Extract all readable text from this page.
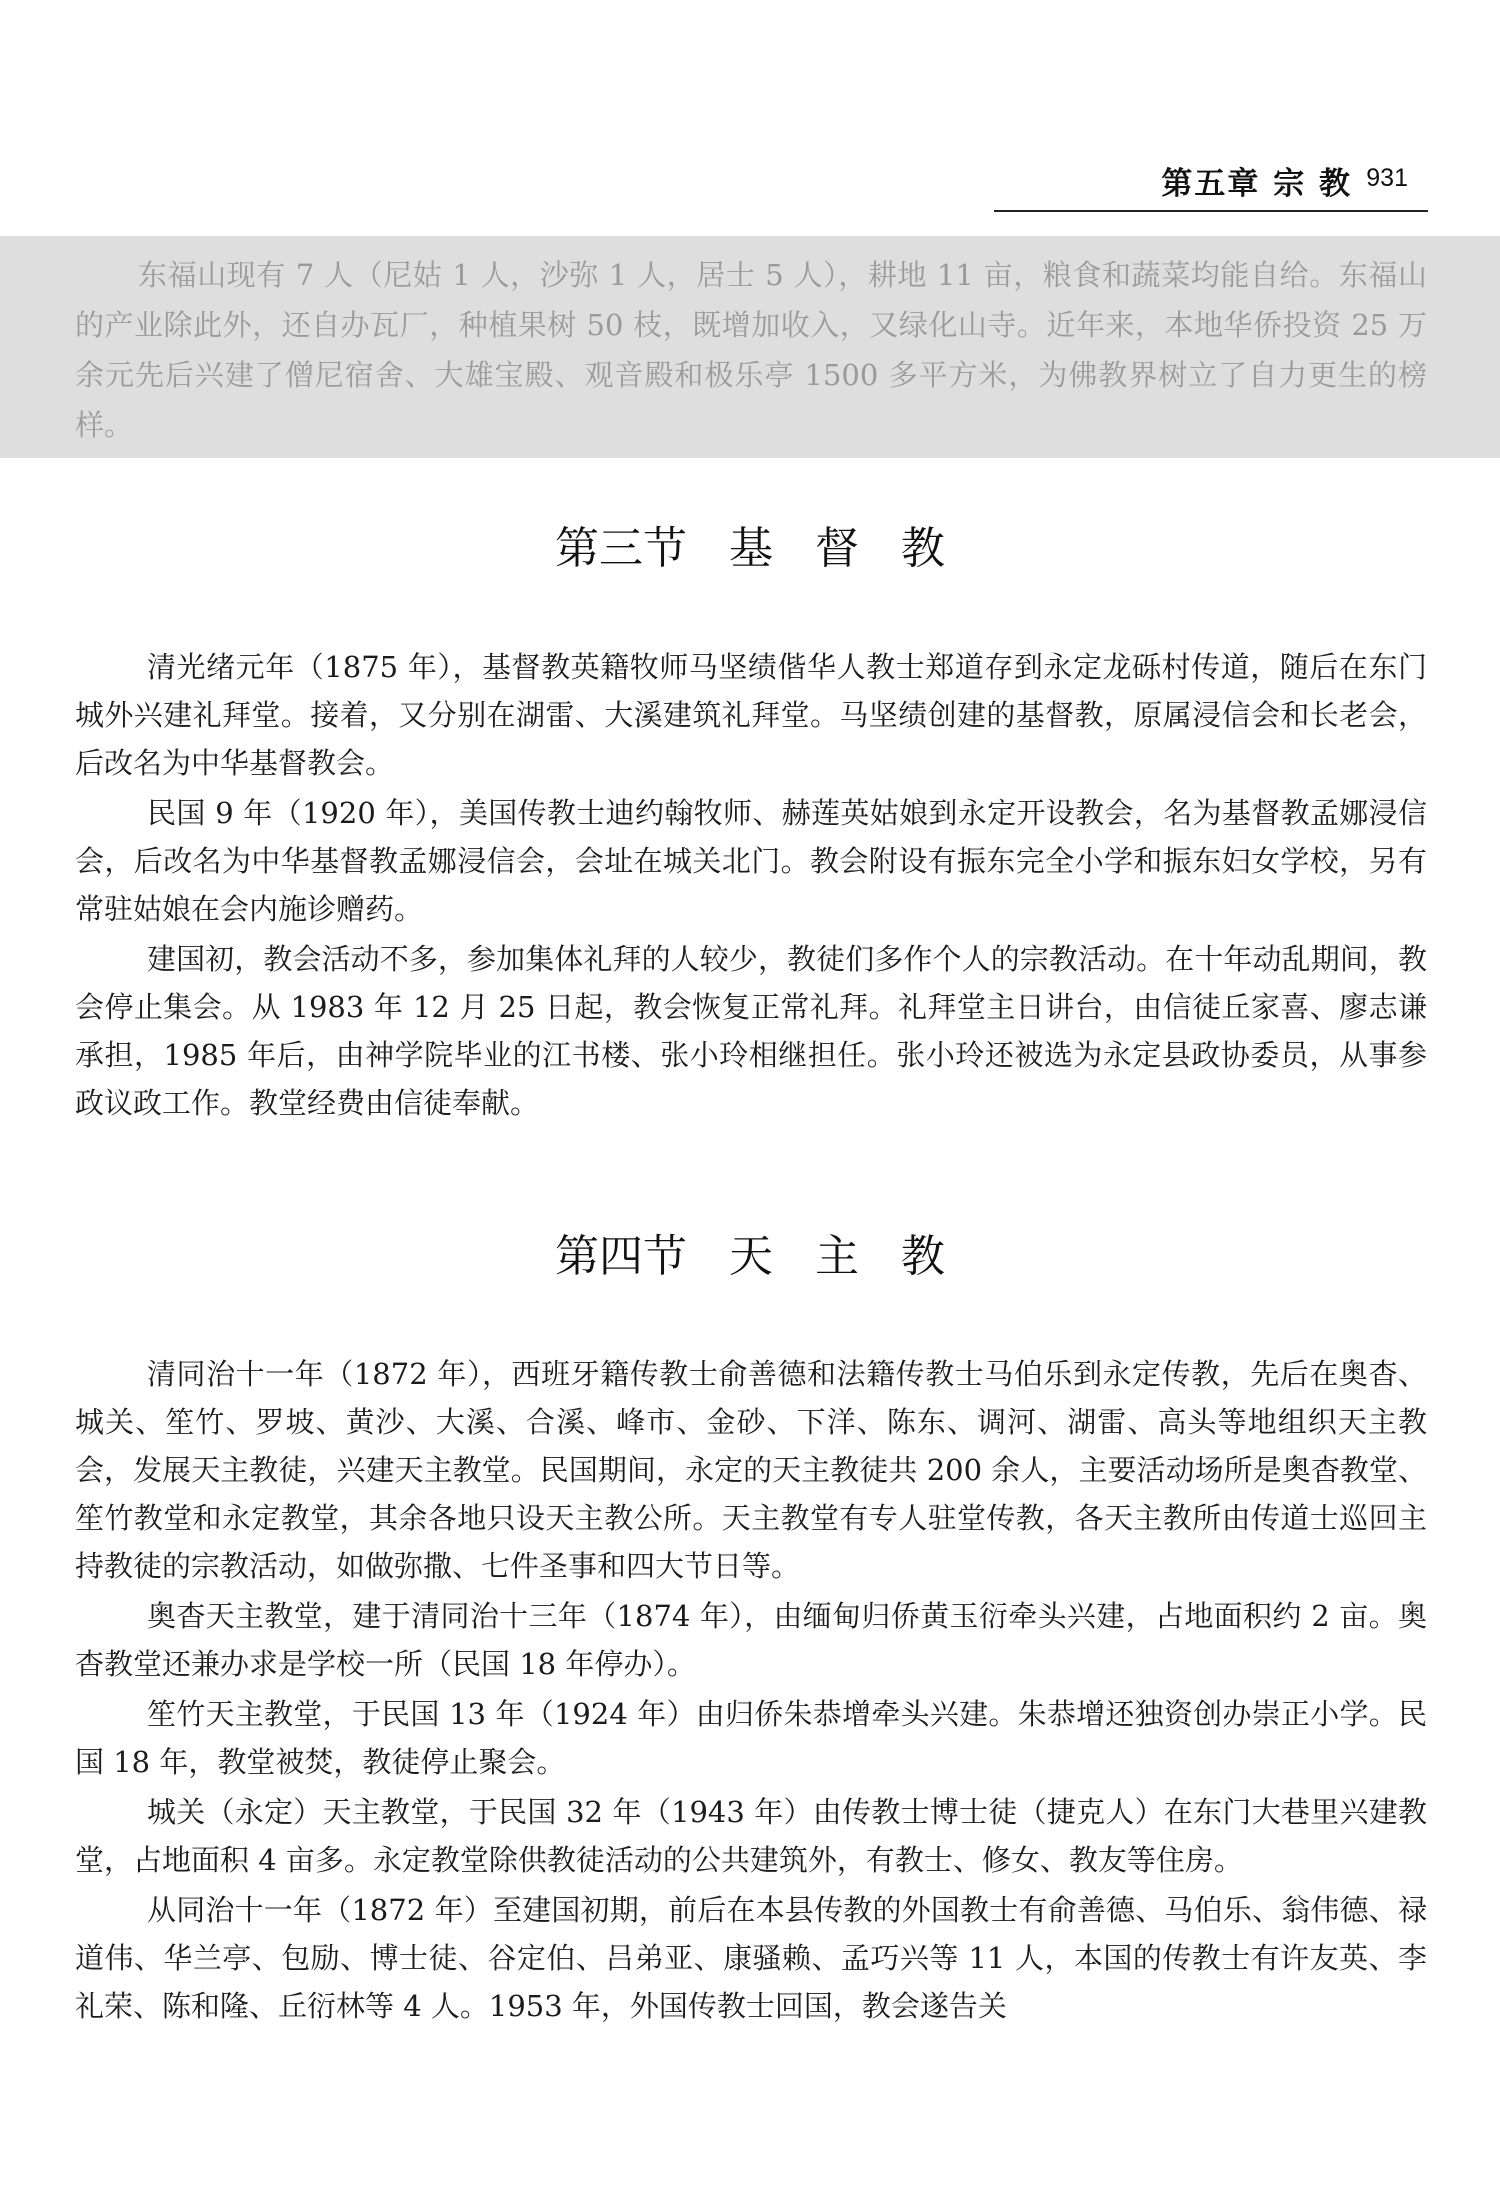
第五章 宗 教 931

东福山现有 7 人（尼姑 1 人，沙弥 1 人，居士 5 人），耕地 11 亩，粮食和蔬菜均能自给。东福山的产业除此外，还自办瓦厂，种植果树 50 枝，既增加收入，又绿化山寺。近年来，本地华侨投资 25 万余元先后兴建了僧尼宿舍、大雄宝殿、观音殿和极乐亭 1500 多平方米，为佛教界树立了自力更生的榜样。

第三节   基   督   教

清光绪元年（1875 年），基督教英籍牧师马坚绩偕华人教士郑道存到永定龙砾村传道，随后在东门城外兴建礼拜堂。接着，又分别在湖雷、大溪建筑礼拜堂。马坚绩创建的基督教，原属浸信会和长老会，后改名为中华基督教会。

民国 9 年（1920 年），美国传教士迪约翰牧师、赫莲英姑娘到永定开设教会，名为基督教孟娜浸信会，后改名为中华基督教孟娜浸信会，会址在城关北门。教会附设有振东完全小学和振东妇女学校，另有常驻姑娘在会内施诊赠药。

建国初，教会活动不多，参加集体礼拜的人较少，教徒们多作个人的宗教活动。在十年动乱期间，教会停止集会。从 1983 年 12 月 25 日起，教会恢复正常礼拜。礼拜堂主日讲台，由信徒丘家喜、廖志谦承担，1985 年后，由神学院毕业的江书楼、张小玲相继担任。张小玲还被选为永定县政协委员，从事参政议政工作。教堂经费由信徒奉献。

第四节   天   主   教

清同治十一年（1872 年），西班牙籍传教士俞善德和法籍传教士马伯乐到永定传教，先后在奥杳、城关、笙竹、罗坡、黄沙、大溪、合溪、峰市、金砂、下洋、陈东、调河、湖雷、高头等地组织天主教会，发展天主教徒，兴建天主教堂。民国期间，永定的天主教徒共 200 余人，主要活动场所是奥杳教堂、笙竹教堂和永定教堂，其余各地只设天主教公所。天主教堂有专人驻堂传教，各天主教所由传道士巡回主持教徒的宗教活动，如做弥撒、七件圣事和四大节日等。

奥杳天主教堂，建于清同治十三年（1874 年），由缅甸归侨黄玉衍牵头兴建，占地面积约 2 亩。奥杳教堂还兼办求是学校一所（民国 18 年停办）。

笙竹天主教堂，于民国 13 年（1924 年）由归侨朱恭增牵头兴建。朱恭增还独资创办崇正小学。民国 18 年，教堂被焚，教徒停止聚会。

城关（永定）天主教堂，于民国 32 年（1943 年）由传教士博士徒（捷克人）在东门大巷里兴建教堂，占地面积 4 亩多。永定教堂除供教徒活动的公共建筑外，有教士、修女、教友等住房。

从同治十一年（1872 年）至建国初期，前后在本县传教的外国教士有俞善德、马伯乐、翁伟德、禄道伟、华兰亭、包励、博士徒、谷定伯、吕弟亚、康骚赖、孟巧兴等 11 人，本国的传教士有许友英、李礼荣、陈和隆、丘衍林等 4 人。1953 年，外国传教士回国，教会遂告关
